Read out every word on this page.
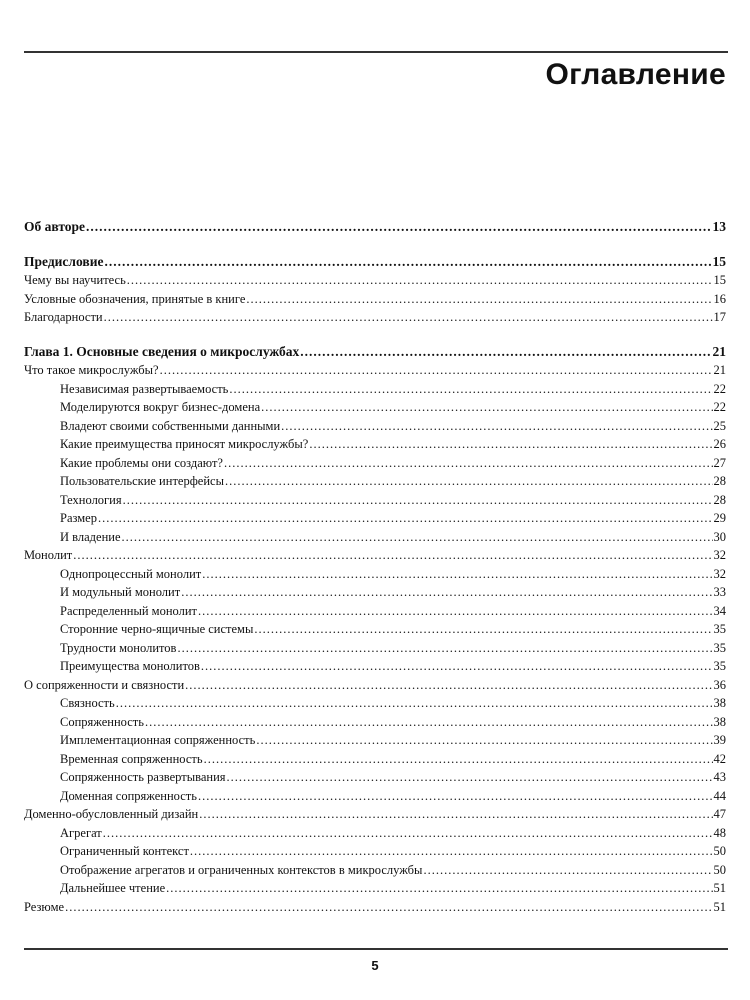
Оглавление
Об авторе .....	13
Предисловие .....	15
Чему вы научитесь .....	15
Условные обозначения, принятые в книге .....	16
Благодарности .....	17
Глава 1. Основные сведения о микрослужбах .....	21
Что такое микрослужбы? .....	21
Независимая развертываемость .....	22
Моделируются вокруг бизнес-домена .....	22
Владеют своими собственными данными .....	25
Какие преимущества приносят микрослужбы? .....	26
Какие проблемы они создают? .....	27
Пользовательские интерфейсы .....	28
Технология .....	28
Размер .....	29
И владение .....	30
Монолит .....	32
Однопроцессный монолит .....	32
И модульный монолит .....	33
Распределенный монолит .....	34
Сторонние черно-ящичные системы .....	35
Трудности монолитов .....	35
Преимущества монолитов .....	35
О сопряженности и связности .....	36
Связность .....	38
Сопряженность .....	38
Имплементационная сопряженность .....	39
Временная сопряженность .....	42
Сопряженность развертывания .....	43
Доменная сопряженность .....	44
Доменно-обусловленный дизайн .....	47
Агрегат .....	48
Ограниченный контекст .....	50
Отображение агрегатов и ограниченных контекстов в микрослужбы .....	50
Дальнейшее чтение .....	51
Резюме .....	51
5
